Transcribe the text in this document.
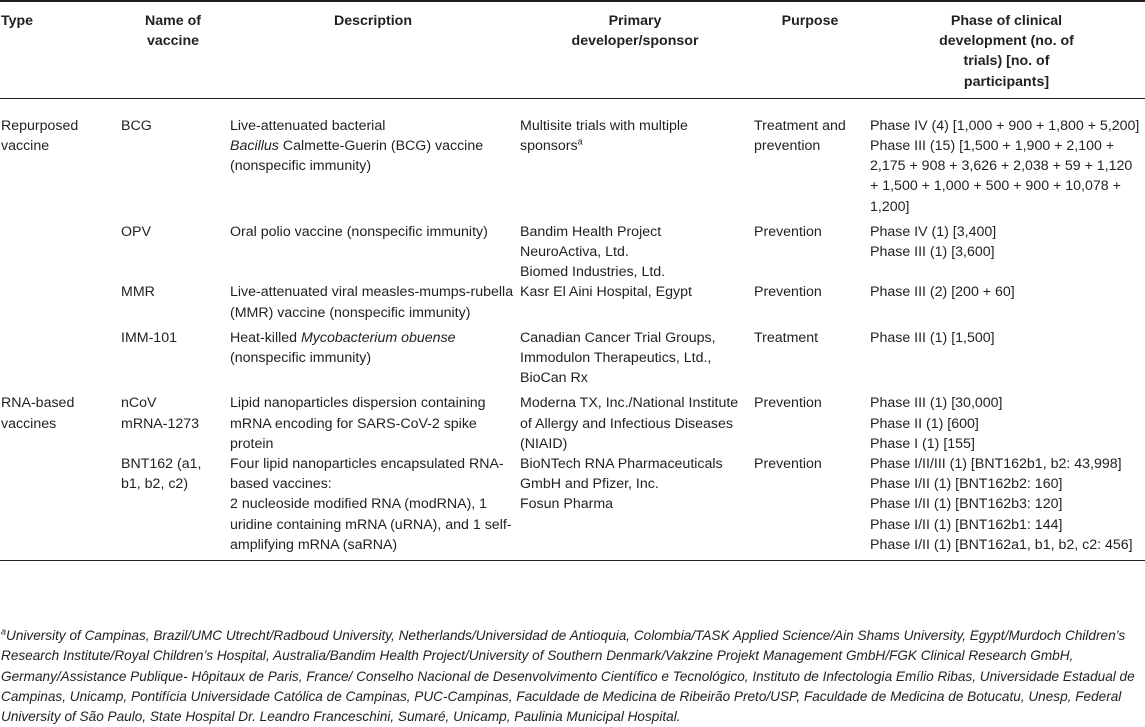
Type	Name of vaccine	Description	Primary developer/sponsor	Purpose	Phase of clinical development (no. of trials) [no. of participants]
Repurposed vaccine	BCG	Live-attenuated bacterial
Bacillus Calmette-Guerin (BCG) vaccine (nonspecific immunity)	Multisite trials with multiple sponsors$^a$	Treatment and prevention	Phase IV (4) [1,000 + 900 + 1,800 + 5,200]
Phase III (15) [1,500 + 1,900 + 2,100 + 2,175 + 908 + 3,626 + 2,038 + 59 + 1,120 + 1,500 + 1,000 + 500 + 900 + 10,078 + 1,200]

	OPV	Oral polio vaccine (nonspecific immunity)	Bandim Health Project
NeuroActiva, Ltd.
Biomed Industries, Ltd.	Prevention	Phase IV (1) [3,400]
Phase III (1) [3,600]

	MMR	Live-attenuated viral measles-mumps-rubella (MMR) vaccine (nonspecific immunity)	Kasr El Aini Hospital, Egypt	Prevention	Phase III (2) [200 + 60]

	IMM-101	Heat-killed Mycobacterium obuense
(nonspecific immunity)	Canadian Cancer Trial Groups,
Immodulon Therapeutics, Ltd.,
BioCan Rx	Treatment	Phase III (1) [1,500]

RNA-based vaccines	nCoV mRNA-1273	Lipid nanoparticles dispersion containing mRNA encoding for SARS-CoV-2 spike protein	Moderna TX, Inc./National Institute of Allergy and Infectious Diseases (NIAID)	Prevention	Phase III (1) [30,000]
Phase II (1) [600]
Phase I (1) [155]

	BNT162 (a1, b1, b2, c2)	Four lipid nanoparticles encapsulated RNA-based vaccines:
2 nucleoside modified RNA (modRNA), 1 uridine containing mRNA (uRNA), and 1 self-amplifying mRNA (saRNA)	BioNTech RNA Pharmaceuticals GmbH and Pfizer, Inc.
Fosun Pharma	Prevention	Phase I/II/III (1) [BNT162b1, b2: 43,998]
Phase I/II (1) [BNT162b2: 160]
Phase I/II (1) [BNT162b3: 120]
Phase I/II (1) [BNT162b1: 144]
Phase I/II (1) [BNT162a1, b1, b2, c2: 456]
$^a$University of Campinas, Brazil/UMC Utrecht/Radboud University, Netherlands/Universidad de Antioquia, Colombia/TASK Applied Science/Ain Shams University, Egypt/Murdoch Children’s Research Institute/Royal Children’s Hospital, Australia/Bandim Health Project/University of Southern Denmark/Vakzine Projekt Management GmbH/FGK Clinical Research GmbH, Germany/Assistance Publique- Hôpitaux de Paris, France/ Conselho Nacional de Desenvolvimento Científico e Tecnológico, Instituto de Infectologia Emílio Ribas, Universidade Estadual de Campinas, Unicamp, Pontifícia Universidade Católica de Campinas, PUC-Campinas, Faculdade de Medicina de Ribeirão Preto/USP, Faculdade de Medicina de Botucatu, Unesp, Federal University of São Paulo, State Hospital Dr. Leandro Franceschini, Sumaré, Unicamp, Paulinia Municipal Hospital.
